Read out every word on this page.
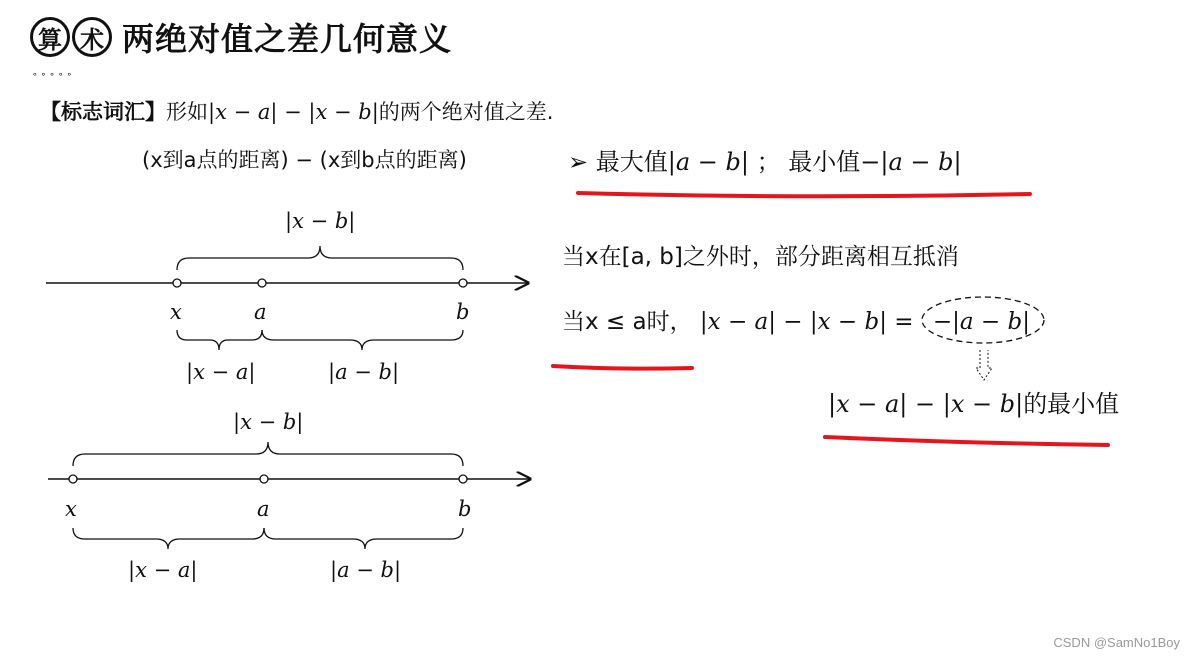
算 术 两绝对值之差几何意义
∘∘∘∘∘
【标志词汇】形如|x − a| − |x − b|的两个绝对值之差.
(x到a点的距离) − (x到b点的距离)	➢ 最大值|a − b| ； 最小值−|a − b|
当x在[a, b]之外时，部分距离相互抵消
当x ≤ a时， |x − a| − |x − b| = −|a − b|
|x − a| − |x − b|的最小值
|x − b|
x	a	b
|x − a|	|a − b|
|x − b|
x	a	b
|x − a|	|a − b|
CSDN @SamNo1Boy
